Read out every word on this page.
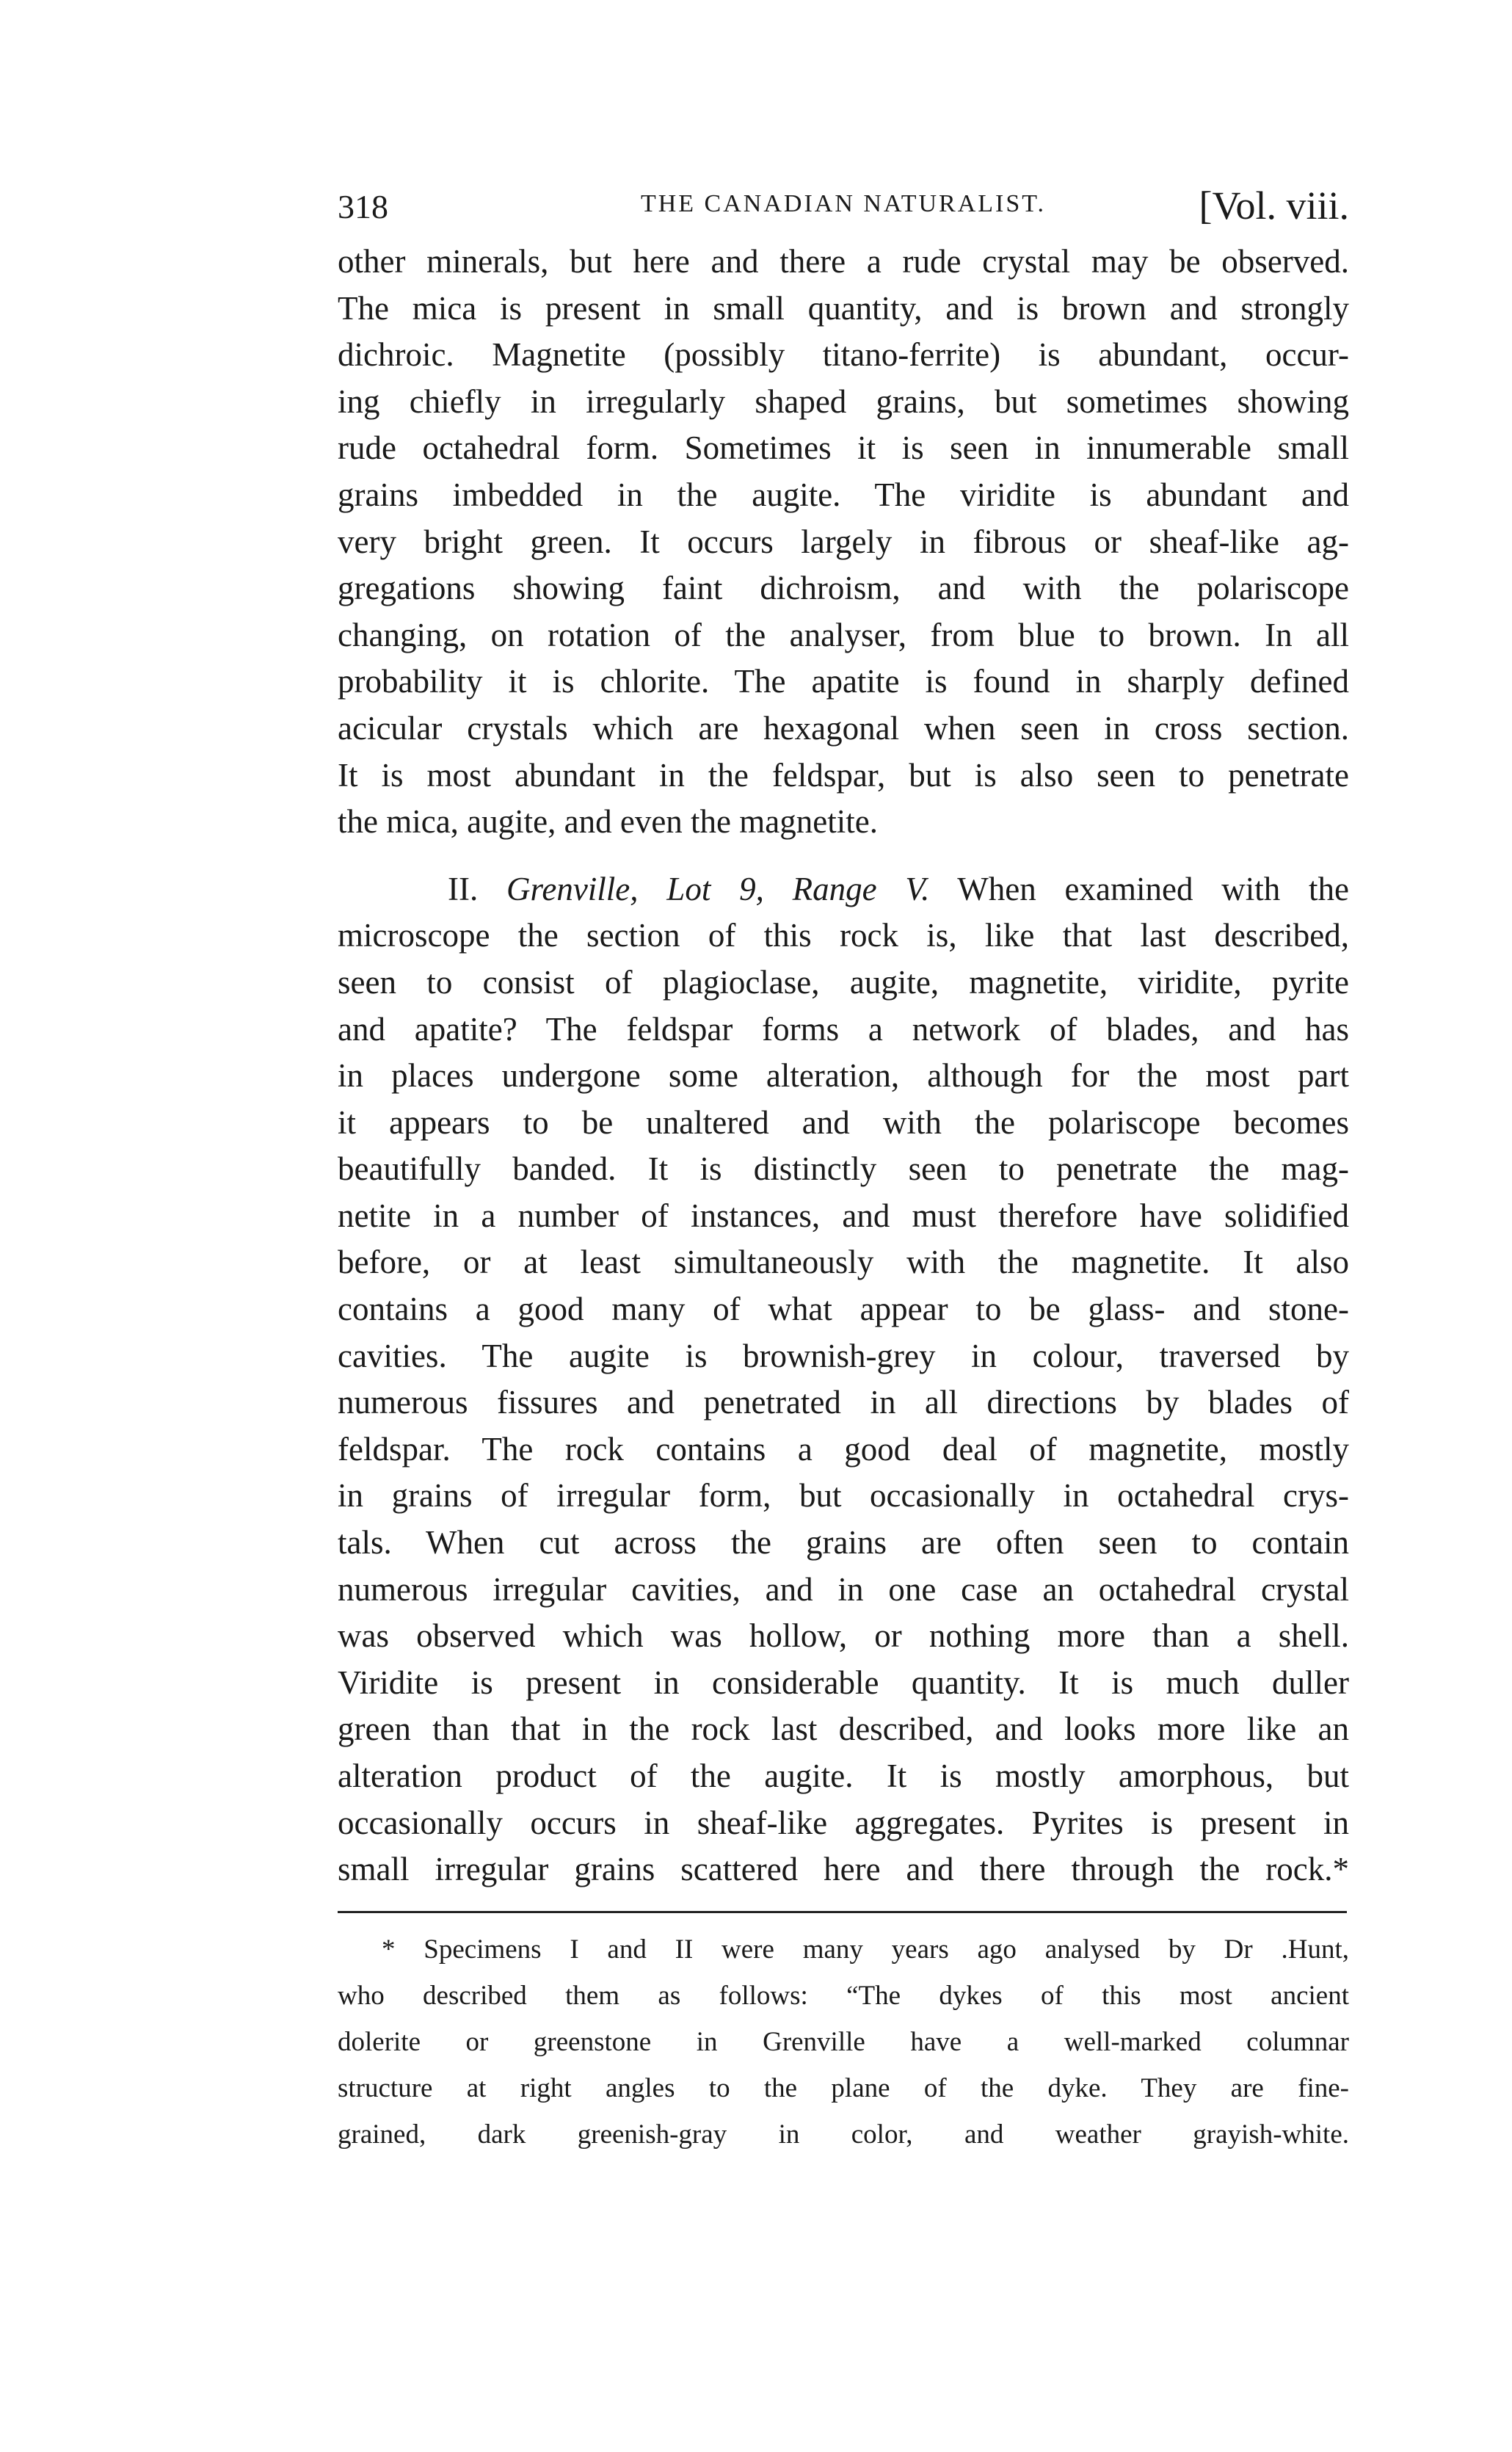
318	THE CANADIAN NATURALIST.	[Vol. viii.

other minerals, but here and there a rude crystal may be observed.

The mica is present in small quantity, and is brown and strongly

dichroic. Magnetite (possibly titano-ferrite) is abundant, occur-

ing chiefly in irregularly shaped grains, but sometimes showing

rude octahedral form. Sometimes it is seen in innumerable small

grains imbedded in the augite. The viridite is abundant and

very bright green. It occurs largely in fibrous or sheaf-like ag-

gregations showing faint dichroism, and with the polariscope

changing, on rotation of the analyser, from blue to brown. In all

probability it is chlorite. The apatite is found in sharply defined

acicular crystals which are hexagonal when seen in cross section.

It is most abundant in the feldspar, but is also seen to penetrate

the mica, augite, and even the magnetite.

II. Grenville, Lot 9, Range V. When examined with the

microscope the section of this rock is, like that last described,

seen to consist of plagioclase, augite, magnetite, viridite, pyrite

and apatite? The feldspar forms a network of blades, and has

in places undergone some alteration, although for the most part

it appears to be unaltered and with the polariscope becomes

beautifully banded. It is distinctly seen to penetrate the mag-

netite in a number of instances, and must therefore have solidified

before, or at least simultaneously with the magnetite. It also

contains a good many of what appear to be glass- and stone-

cavities. The augite is brownish-grey in colour, traversed by

numerous fissures and penetrated in all directions by blades of

feldspar. The rock contains a good deal of magnetite, mostly

in grains of irregular form, but occasionally in octahedral crys-

tals. When cut across the grains are often seen to contain

numerous irregular cavities, and in one case an octahedral crystal

was observed which was hollow, or nothing more than a shell.

Viridite is present in considerable quantity. It is much duller

green than that in the rock last described, and looks more like an

alteration product of the augite. It is mostly amorphous, but

occasionally occurs in sheaf-like aggregates. Pyrites is present in

small irregular grains scattered here and there through the rock.*

* Specimens I and II were many years ago analysed by Dr .Hunt,

who described them as follows: “The dykes of this most ancient

dolerite or greenstone in Grenville have a well-marked columnar

structure at right angles to the plane of the dyke. They are fine-

grained, dark greenish-gray in color, and weather grayish-white.
